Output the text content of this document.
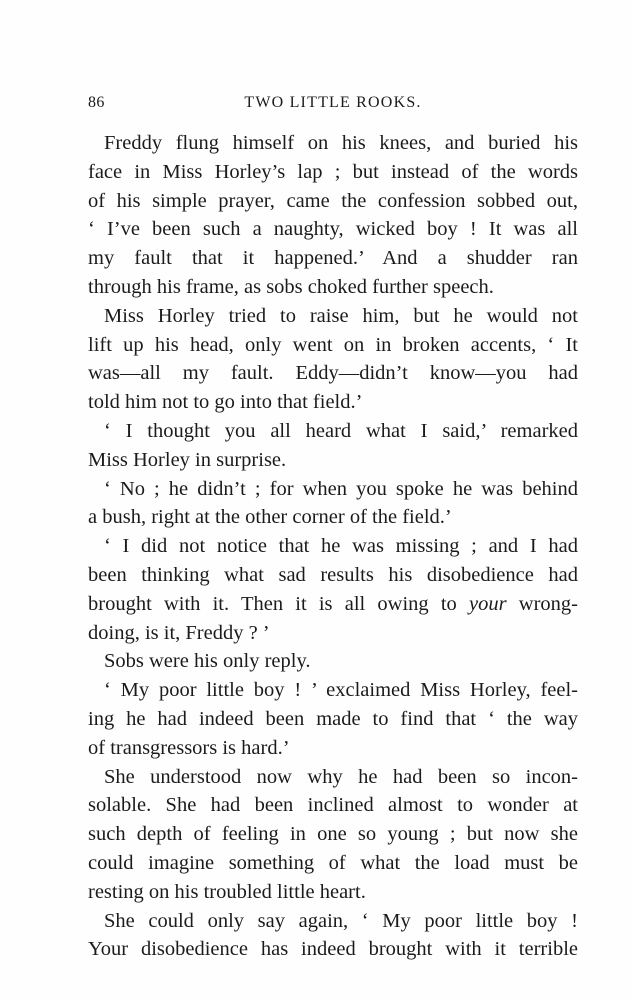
86	TWO LITTLE ROOKS.
Freddy flung himself on his knees, and buried his
face in Miss Horley’s lap ; but instead of the words
of his simple prayer, came the confession sobbed out,
‘ I’ve been such a naughty, wicked boy ! It was all
my fault that it happened.’ And a shudder ran
through his frame, as sobs choked further speech.
Miss Horley tried to raise him, but he would not
lift up his head, only went on in broken accents, ‘ It
was—all my fault. Eddy—didn’t know—you had
told him not to go into that field.’
‘ I thought you all heard what I said,’ remarked
Miss Horley in surprise.
‘ No ; he didn’t ; for when you spoke he was behind
a bush, right at the other corner of the field.’
‘ I did not notice that he was missing ; and I had
been thinking what sad results his disobedience had
brought with it. Then it is all owing to your wrong-
doing, is it, Freddy ? ’
Sobs were his only reply.
‘ My poor little boy ! ’ exclaimed Miss Horley, feel-
ing he had indeed been made to find that ‘ the way
of transgressors is hard.’
She understood now why he had been so incon-
solable. She had been inclined almost to wonder at
such depth of feeling in one so young ; but now she
could imagine something of what the load must be
resting on his troubled little heart.
She could only say again, ‘ My poor little boy !
Your disobedience has indeed brought with it terrible
